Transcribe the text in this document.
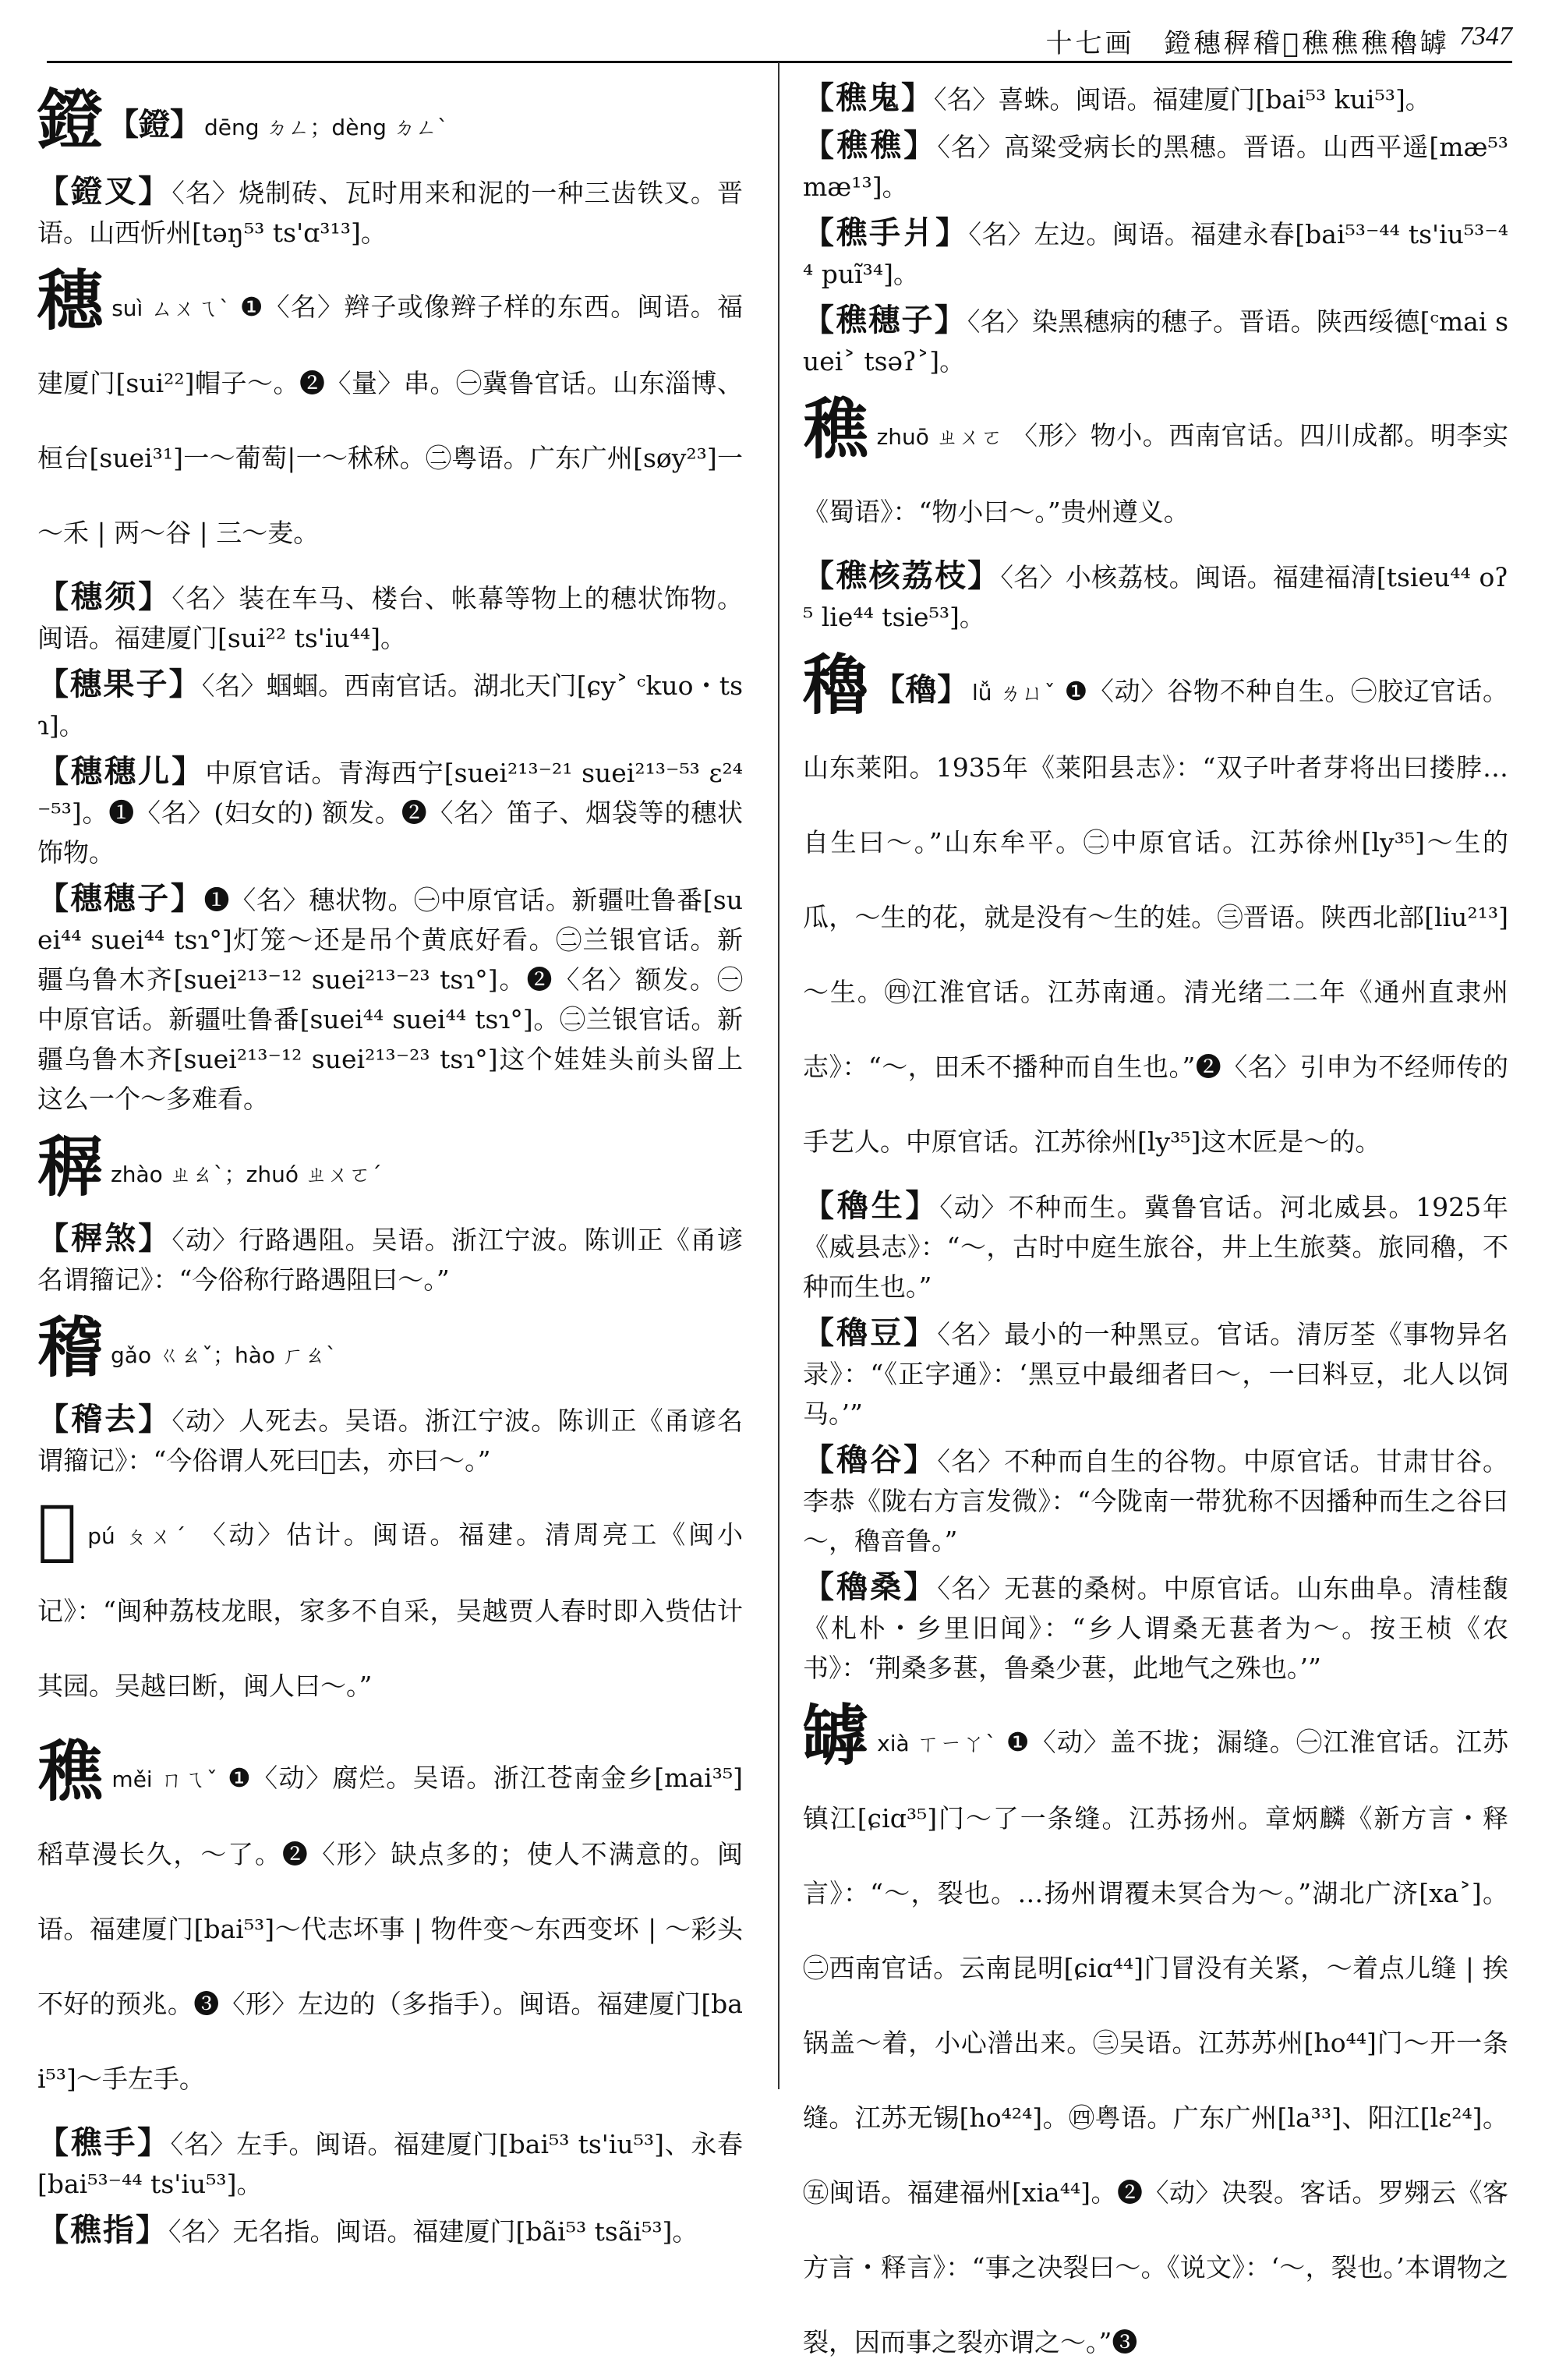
十七画　鐙穗稺稽𥢨穛穛穛穭罅 7347

鐙 【鐙】 dēng ㄉㄥ；dèng ㄉㄥˋ

【鐙叉】〈名〉烧制砖、瓦时用来和泥的一种三齿铁叉。晋语。山西忻州[təŋ⁵³ ts'ɑ³¹³]。

穗suì ㄙㄨㄟˋ ❶〈名〉辫子或像辫子样的东西。闽语。福建厦门[sui²²]帽子～。❷〈量〉串。㊀冀鲁官话。山东淄博、桓台[suei³¹]一～葡萄|一～秫秫。㊁粤语。广东广州[søy²³]一～禾 | 两～谷 | 三～麦。

【穗须】〈名〉装在车马、楼台、帐幕等物上的穗状饰物。闽语。福建厦门[sui²² ts'iu⁴⁴]。

【穗果子】〈名〉蝈蝈。西南官话。湖北天门[ɕy˃ ᶜkuo・tsɿ]。

【穗穗儿】中原官话。青海西宁[suei²¹³⁻²¹ suei²¹³⁻⁵³ ɛ²⁴⁻⁵³]。❶〈名〉(妇女的) 额发。❷〈名〉笛子、烟袋等的穗状饰物。

【穗穗子】❶〈名〉穗状物。㊀中原官话。新疆吐鲁番[suei⁴⁴ suei⁴⁴ tsɿ°]灯笼～还是吊个黄底好看。㊁兰银官话。新疆乌鲁木齐[suei²¹³⁻¹² suei²¹³⁻²³ tsɿ°]。❷〈名〉额发。㊀中原官话。新疆吐鲁番[suei⁴⁴ suei⁴⁴ tsɿ°]。㊁兰银官话。新疆乌鲁木齐[suei²¹³⁻¹² suei²¹³⁻²³ tsɿ°]这个娃娃头前头留上这么一个～多难看。

稺zhào ㄓㄠˋ；zhuó ㄓㄨㄛˊ

【稺煞】〈动〉行路遇阻。吴语。浙江宁波。陈训正《甬谚名谓籀记》：“今俗称行路遇阻曰～。”

稽gǎo ㄍㄠˇ；hào ㄏㄠˋ

【稽去】〈动〉人死去。吴语。浙江宁波。陈训正《甬谚名谓籀记》：“今俗谓人死曰𥢨去，亦曰～。”

𥢨pú ㄆㄨˊ 〈动〉估计。闽语。福建。清周亮工《闽小记》：“闽种荔枝龙眼，家多不自采，吴越贾人春时即入赀估计其园。吴越曰断，闽人曰～。”

穛měi ㄇㄟˇ ❶〈动〉腐烂。吴语。浙江苍南金乡[mai³⁵]稻草漫长久，～了。❷〈形〉缺点多的；使人不满意的。闽语。福建厦门[bai⁵³]～代志坏事 | 物件变～东西变坏 | ～彩头不好的预兆。❸〈形〉左边的（多指手）。闽语。福建厦门[bai⁵³]～手左手。

【穛手】〈名〉左手。闽语。福建厦门[bai⁵³ ts'iu⁵³]、永春[bai⁵³⁻⁴⁴ ts'iu⁵³]。

【穛指】〈名〉无名指。闽语。福建厦门[bãi⁵³ tsãi⁵³]。

【穛鬼】〈名〉喜蛛。闽语。福建厦门[bai⁵³ kui⁵³]。

【穛穛】〈名〉高粱受病长的黑穗。晋语。山西平遥[mæ⁵³ mæ¹³]。

【穛手爿】〈名〉左边。闽语。福建永春[bai⁵³⁻⁴⁴ ts'iu⁵³⁻⁴⁴ puĩ³⁴]。

【穛穗子】〈名〉染黑穗病的穗子。晋语。陕西绥德[ᶜmai suei˃ tsəʔ˃]。

穛zhuō ㄓㄨㄛ 〈形〉物小。西南官话。四川成都。明李实《蜀语》：“物小曰～。”贵州遵义。

【穛核荔枝】〈名〉小核荔枝。闽语。福建福清[tsieu⁴⁴ oʔ⁵ lie⁴⁴ tsie⁵³]。

穭 【穭】 lǚ ㄌㄩˇ ❶〈动〉谷物不种自生。㊀胶辽官话。山东莱阳。1935年《莱阳县志》：“双子叶者芽将出曰搂脖…自生曰～。”山东牟平。㊁中原官话。江苏徐州[ly³⁵]～生的瓜，～生的花，就是没有～生的娃。㊂晋语。陕西北部[liu²¹³]～生。㊃江淮官话。江苏南通。清光绪二二年《通州直隶州志》：“～，田禾不播种而自生也。”❷〈名〉引申为不经师传的手艺人。中原官话。江苏徐州[ly³⁵]这木匠是～的。

【穭生】〈动〉不种而生。冀鲁官话。河北威县。1925年《威县志》：“～，古时中庭生旅谷，井上生旅葵。旅同穭，不种而生也。”

【穭豆】〈名〉最小的一种黑豆。官话。清厉荃《事物异名录》：“《正字通》：‘黑豆中最细者曰～，一曰料豆，北人以饲马。’”

【穭谷】〈名〉不种而自生的谷物。中原官话。甘肃甘谷。李恭《陇右方言发微》：“今陇南一带犹称不因播种而生之谷曰～，穭音鲁。”

【穭桑】〈名〉无葚的桑树。中原官话。山东曲阜。清桂馥《札朴・乡里旧闻》：“乡人谓桑无葚者为～。按王桢《农书》：‘荆桑多葚，鲁桑少葚，此地气之殊也。’”

罅xià ㄒㄧㄚˋ ❶〈动〉盖不拢；漏缝。㊀江淮官话。江苏镇江[ɕiɑ³⁵]门～了一条缝。江苏扬州。章炳麟《新方言・释言》：“～，裂也。…扬州谓覆未冥合为～。”湖北广济[xa˃]。㊁西南官话。云南昆明[ɕiɑ⁴⁴]门冒没有关紧，～着点儿缝 | 挨锅盖～着，小心潽出来。㊂吴语。江苏苏州[ho⁴⁴]门～开一条缝。江苏无锡[ho⁴²⁴]。㊃粤语。广东广州[la³³]、阳江[lɛ²⁴]。㊄闽语。福建福州[xia⁴⁴]。❷〈动〉决裂。客话。罗翙云《客方言・释言》：“事之决裂曰～。《说文》：‘～，裂也。’本谓物之裂，因而事之裂亦谓之～。”❸
